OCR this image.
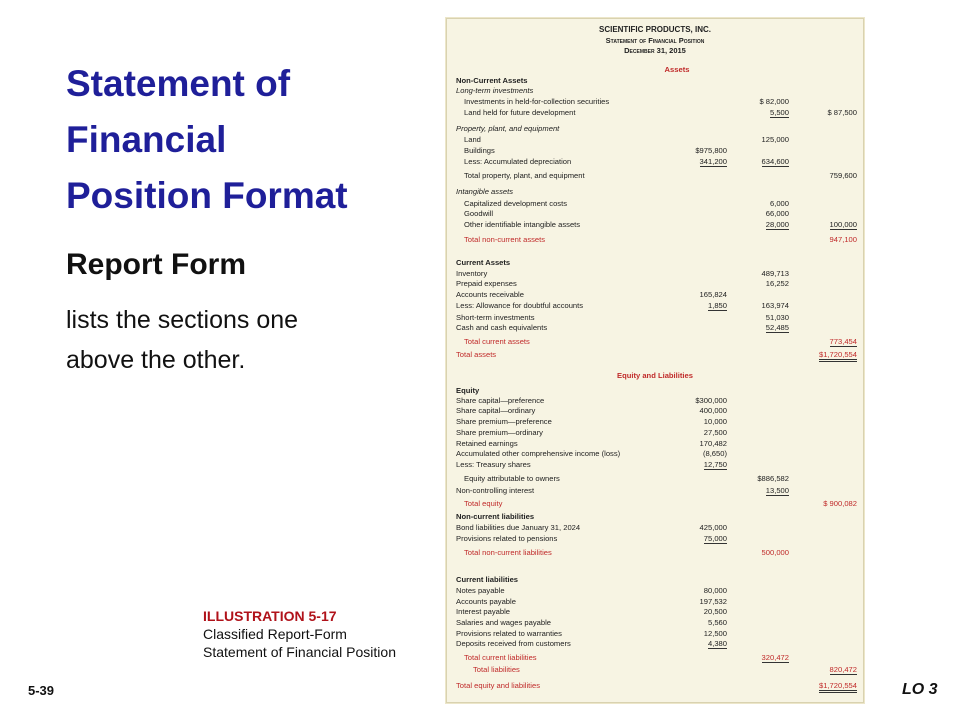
Statement of
Financial
Position Format
Report Form
lists the sections one
above the other.
ILLUSTRATION 5-17
Classified Report-Form
Statement of Financial Position
5-39	LO 3
SCIENTIFIC PRODUCTS, INC.
Statement of Financial Position
December 31, 2015
Assets
Non-Current Assets
Long-term investments
Investments in held-for-collection securities	$ 82,000
Land held for future development	5,500	$ 87,500
Property, plant, and equipment
Land	125,000
Buildings	$975,800
Less: Accumulated depreciation	341,200	634,600
Total property, plant, and equipment	759,600
Intangible assets
Capitalized development costs	6,000
Goodwill	66,000
Other identifiable intangible assets	28,000	100,000
Total non-current assets	947,100
Current Assets
Inventory	489,713
Prepaid expenses	16,252
Accounts receivable	165,824
Less: Allowance for doubtful accounts	1,850	163,974
Short-term investments	51,030
Cash and cash equivalents	52,485
Total current assets	773,454
Total assets	$1,720,554
Equity and Liabilities
Equity
Share capital—preference	$300,000
Share capital—ordinary	400,000
Share premium—preference	10,000
Share premium—ordinary	27,500
Retained earnings	170,482
Accumulated other comprehensive income (loss)	(8,650)
Less: Treasury shares	12,750
Equity attributable to owners	$886,582
Non-controlling interest	13,500
Total equity	$ 900,082
Non-current liabilities
Bond liabilities due January 31, 2024	425,000
Provisions related to pensions	75,000
Total non-current liabilities	500,000
Current liabilities
Notes payable	80,000
Accounts payable	197,532
Interest payable	20,500
Salaries and wages payable	5,560
Provisions related to warranties	12,500
Deposits received from customers	4,380
Total current liabilities	320,472
Total liabilities	820,472
Total equity and liabilities	$1,720,554
